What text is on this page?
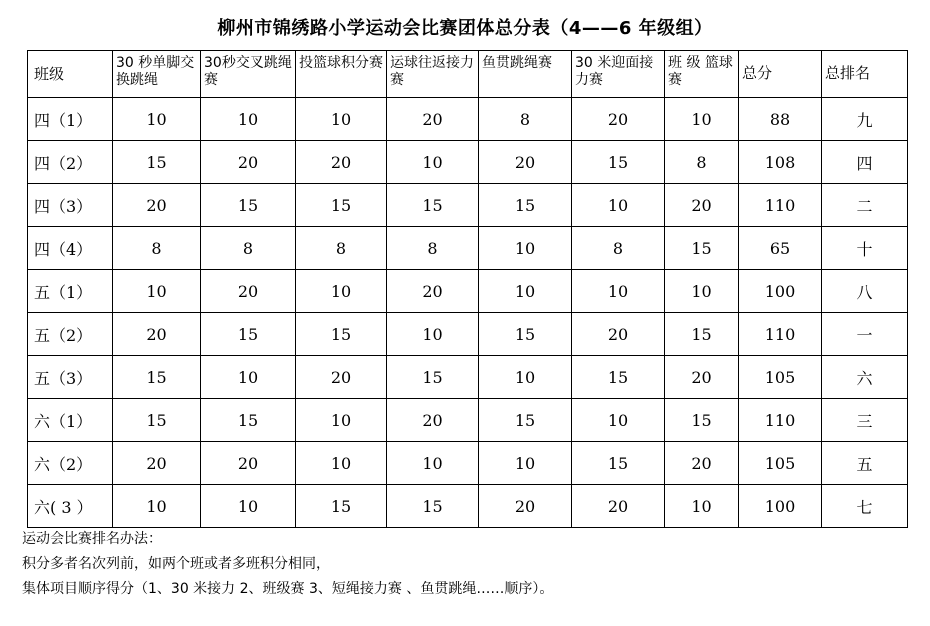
柳州市锦绣路小学运动会比赛团体总分表（4——6 年级组）
班级	30 秒单脚交换跳绳	30秒交叉跳绳赛	投篮球积分赛	运球往返接力赛	鱼贯跳绳赛	30 米迎面接力赛	班 级 篮球赛	总分	总排名
四（1）	10	10	10	20	8	20	10	88	九
四（2）	15	20	20	10	20	15	8	108	四
四（3）	20	15	15	15	15	10	20	110	二
四（4）	8	8	8	8	10	8	15	65	十
五（1）	10	20	10	20	10	10	10	100	八
五（2）	20	15	15	10	15	20	15	110	一
五（3）	15	10	20	15	10	15	20	105	六
六（1）	15	15	10	20	15	10	15	110	三
六（2）	20	20	10	10	10	15	20	105	五
六( 3 ）	10	10	15	15	20	20	10	100	七

运动会比赛排名办法：

积分多者名次列前，如两个班或者多班积分相同，

集体项目顺序得分（1、30 米接力 2、班级赛 3、短绳接力赛 、鱼贯跳绳……顺序）。
